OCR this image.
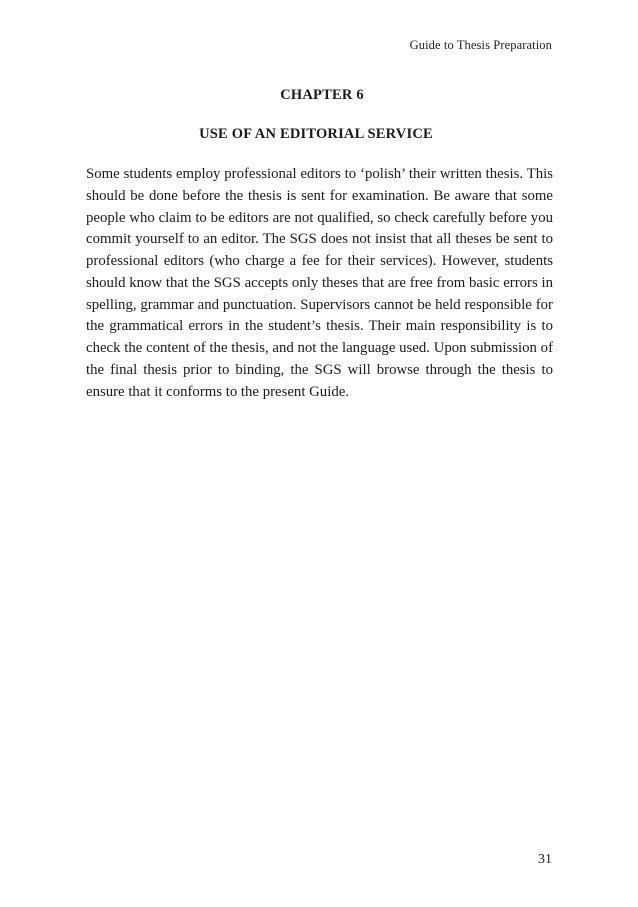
Guide to Thesis Preparation
CHAPTER 6
USE OF AN EDITORIAL SERVICE

Some students employ professional editors to ‘polish’ their written thesis. This should be done before the thesis is sent for examination. Be aware that some people who claim to be editors are not qualified, so check carefully before you commit yourself to an editor. The SGS does not insist that all theses be sent to professional editors (who charge a fee for their services). However, students should know that the SGS accepts only theses that are free from basic errors in spelling, grammar and punctuation. Supervisors cannot be held responsible for the grammatical errors in the student’s thesis. Their main responsibility is to check the content of the thesis, and not the language used. Upon submission of the final thesis prior to binding, the SGS will browse through the thesis to ensure that it conforms to the present Guide.

31
